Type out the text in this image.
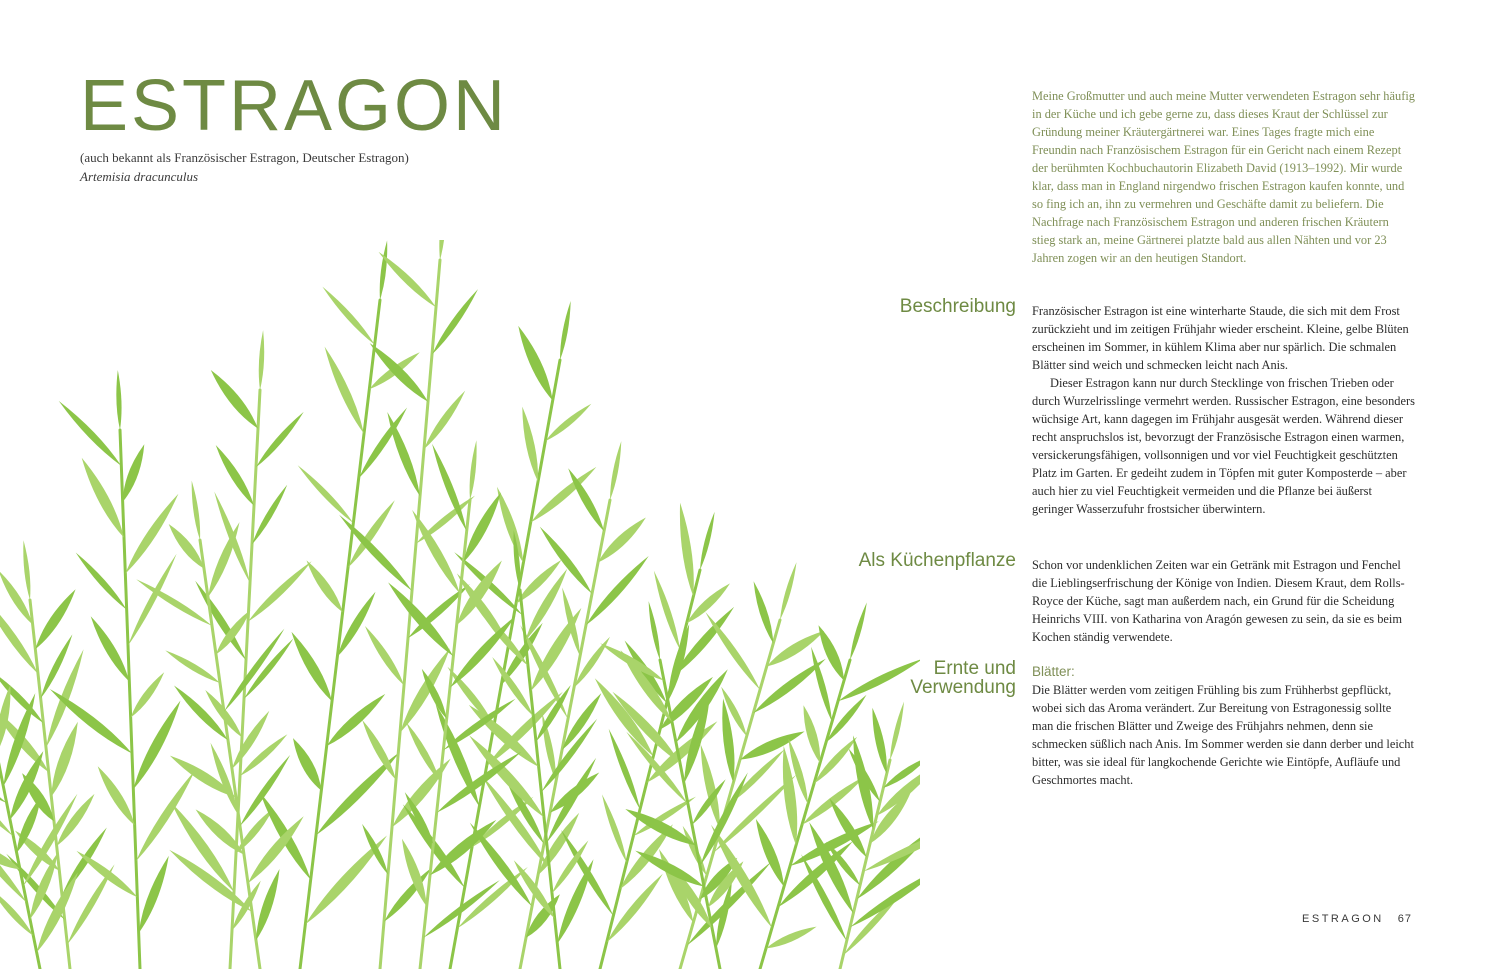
ESTRAGON
(auch bekannt als Französischer Estragon, Deutscher Estragon)
Artemisia dracunculus

Meine Großmutter und auch meine Mutter verwendeten Estragon sehr häufig in der Küche und ich gebe gerne zu, dass dieses Kraut der Schlüssel zur Gründung meiner Kräutergärtnerei war. Eines Tages fragte mich eine Freundin nach Französischem Estragon für ein Gericht nach einem Rezept der berühmten Kochbuchautorin Elizabeth David (1913–1992). Mir wurde klar, dass man in England nirgendwo frischen Estragon kaufen konnte, und so fing ich an, ihn zu vermehren und Geschäfte damit zu beliefern. Die Nachfrage nach Französischem Estragon und anderen frischen Kräutern stieg stark an, meine Gärtnerei platzte bald aus allen Nähten und vor 23 Jahren zogen wir an den heutigen Standort.

Beschreibung Französischer Estragon ist eine winterharte Staude, die sich mit dem Frost zurückzieht und im zeitigen Frühjahr wieder erscheint. Kleine, gelbe Blüten erscheinen im Sommer, in kühlem Klima aber nur spärlich. Die schmalen Blätter sind weich und schmecken leicht nach Anis.

Dieser Estragon kann nur durch Stecklinge von frischen Trieben oder durch Wurzelrisslinge vermehrt werden. Russischer Estragon, eine besonders wüchsige Art, kann dagegen im Frühjahr ausgesät werden. Während dieser recht anspruchslos ist, bevorzugt der Französische Estragon einen warmen, versickerungsfähigen, vollsonnigen und vor viel Feuchtigkeit geschützten Platz im Garten. Er gedeiht zudem in Töpfen mit guter Komposterde – aber auch hier zu viel Feuchtigkeit vermeiden und die Pflanze bei äußerst geringer Wasserzufuhr frostsicher überwintern.

Als Küchenpflanze Schon vor undenklichen Zeiten war ein Getränk mit Estragon und Fenchel die Lieblingserfrischung der Könige von Indien. Diesem Kraut, dem Rolls-Royce der Küche, sagt man außerdem nach, ein Grund für die Scheidung Heinrichs VIII. von Katharina von Aragón gewesen zu sein, da sie es beim Kochen ständig verwendete.

Ernte und
Verwendung

Blätter:

Die Blätter werden vom zeitigen Frühling bis zum Frühherbst gepflückt, wobei sich das Aroma verändert. Zur Bereitung von Estragonessig sollte man die frischen Blätter und Zweige des Frühjahrs nehmen, denn sie schmecken süßlich nach Anis. Im Sommer werden sie dann derber und leicht bitter, was sie ideal für langkochende Gerichte wie Eintöpfe, Aufläufe und Geschmortes macht.

ESTRAGON 67
